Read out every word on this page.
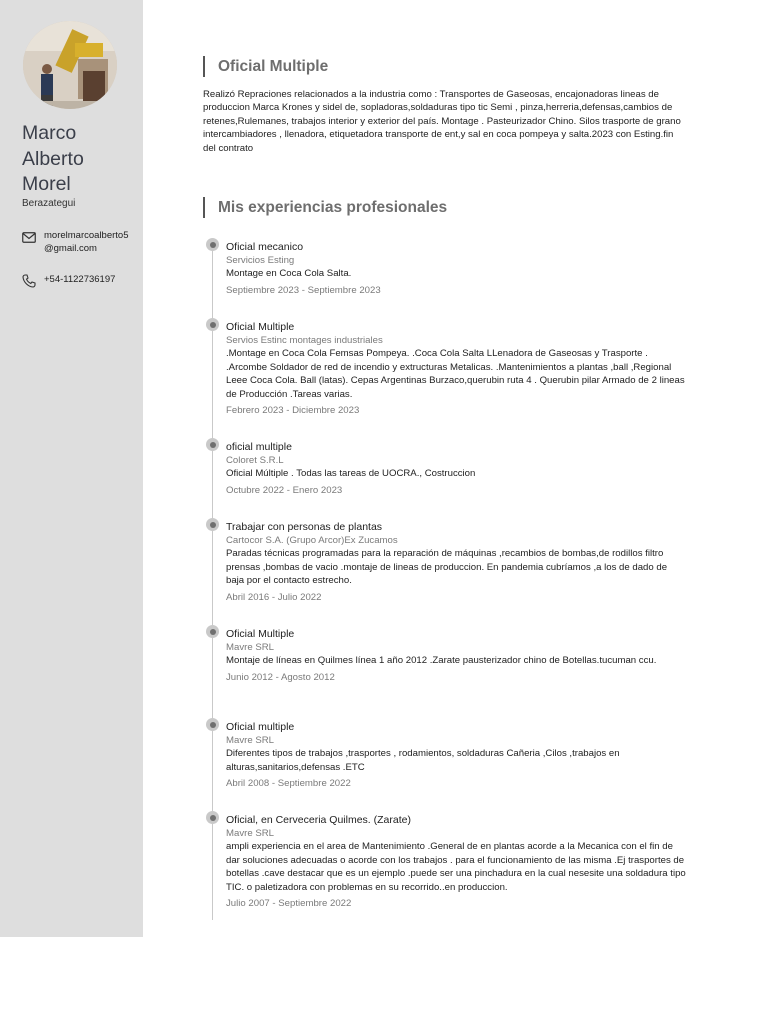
Marco
Alberto
Morel
Berazategui
morelmarcoalberto5@gmail.com
+54-1122736197
Oficial Multiple
Realizó Repraciones relacionados a la industria como : Transportes de Gaseosas, encajonadoras lineas de produccion Marca Krones y sidel de, sopladoras,soldaduras tipo tic Semi , pinza,herreria,defensas,cambios de retenes,Rulemanes, trabajos interior y exterior del país. Montage . Pasteurizador Chino. Silos trasporte de grano intercambiadores , llenadora, etiquetadora transporte de ent,y sal en coca pompeya y salta.2023 con Esting.fin del contrato
Mis experiencias profesionales
Oficial mecanico
Servicios Esting
Montage en Coca Cola Salta.
Septiembre 2023 - Septiembre 2023
Oficial Multiple
Servios Estinc montages industriales
.Montage en Coca Cola Femsas Pompeya. .Coca Cola Salta LLenadora de Gaseosas y Trasporte . .Arcombe Soldador de red de incendio y extructuras Metalicas. .Mantenimientos a plantas ,ball ,Regional Leee Coca Cola. Ball (latas). Cepas Argentinas Burzaco,querubin ruta 4 . Querubin pilar Armado de 2 lineas de Producción .Tareas varias.
Febrero 2023 - Diciembre 2023
oficial multiple
Coloret S.R.L
Oficial Múltiple . Todas las tareas de UOCRA., Costruccion
Octubre 2022 - Enero 2023
Trabajar con personas de plantas
Cartocor S.A. (Grupo Arcor)Ex Zucamos
Paradas técnicas programadas para la reparación de máquinas ,recambios de bombas,de rodillos filtro prensas ,bombas de vacio .montaje de lineas de produccion. En pandemia cubríamos ,a los de dado de baja por el contacto estrecho.
Abril 2016 - Julio 2022
Oficial Multiple
Mavre SRL
Montaje de líneas en Quilmes línea 1 año 2012 .Zarate pausterizador chino de Botellas.tucuman ccu.
Junio 2012 - Agosto 2012
Oficial multiple
Mavre SRL
Diferentes tipos de trabajos ,trasportes , rodamientos, soldaduras Cañeria ,Cilos ,trabajos en alturas,sanitarios,defensas .ETC
Abril 2008 - Septiembre 2022
Oficial, en Cerveceria Quilmes. (Zarate)
Mavre SRL
ampli experiencia en el area de Mantenimiento .General de en plantas acorde a la Mecanica con el fin de dar soluciones adecuadas o acorde con los trabajos . para el funcionamiento de las misma .Ej trasportes de botellas .cave destacar que es un ejemplo .puede ser una pinchadura en la cual nesesite una soldadura tipo TIC. o paletizadora con problemas en su recorrido..en produccion.
Julio 2007 - Septiembre 2022
